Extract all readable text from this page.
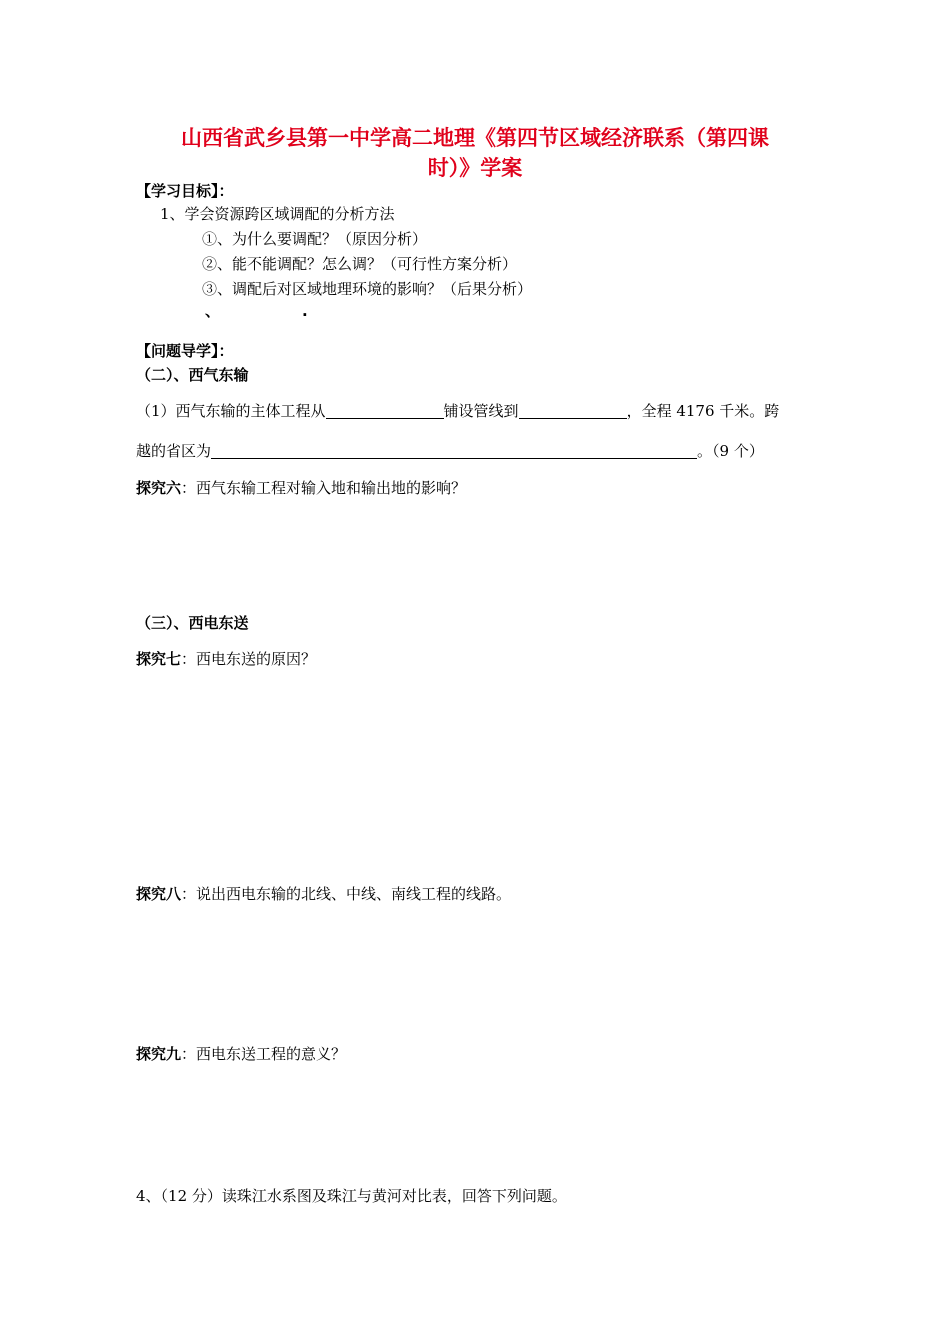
山西省武乡县第一中学高二地理《第四节区域经济联系（第四课
时）》学案
【学习目标】：
1、学会资源跨区域调配的分析方法
①、为什么要调配？（原因分析）
②、能不能调配？怎么调？（可行性方案分析）
③、调配后对区域地理环境的影响？（后果分析）
、	.
【问题导学】：
（二）、西气东输
（1）西气东输的主体工程从	铺设管线到	，全程 4176 千米。跨
越的省区为	。（9 个）
探究六：西气东输工程对输入地和输出地的影响？
（三）、西电东送
探究七：西电东送的原因？
探究八：说出西电东输的北线、中线、南线工程的线路。
探究九：西电东送工程的意义？
4、（12 分）读珠江水系图及珠江与黄河对比表，回答下列问题。
